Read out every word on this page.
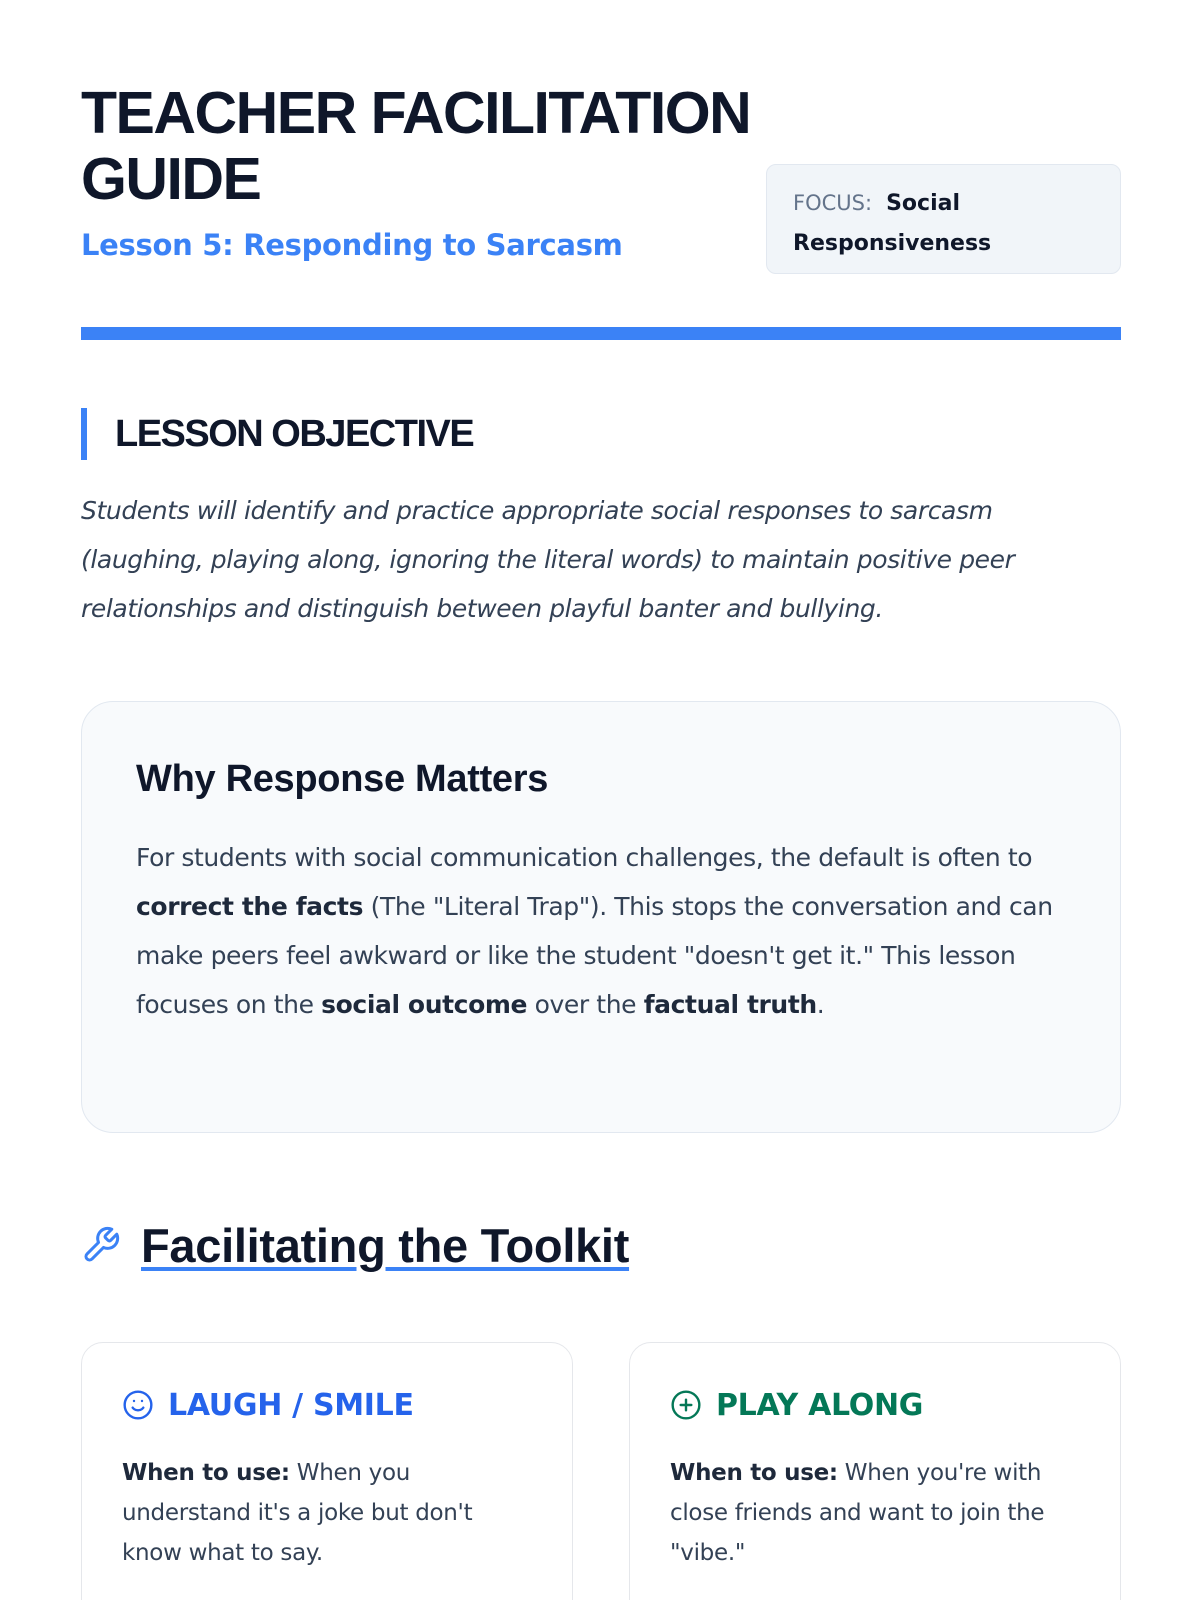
TEACHER FACILITATION GUIDE
Lesson 5: Responding to Sarcasm
FOCUS: Social Responsiveness
LESSON OBJECTIVE

Students will identify and practice appropriate social responses to sarcasm (laughing, playing along, ignoring the literal words) to maintain positive peer relationships and distinguish between playful banter and bullying.

Why Response Matters

For students with social communication challenges, the default is often to correct the facts (The "Literal Trap"). This stops the conversation and can make peers feel awkward or like the student "doesn't get it." This lesson focuses on the social outcome over the factual truth.

Facilitating the Toolkit
LAUGH / SMILE

When to use: When you understand it's a joke but don't know what to say.

PLAY ALONG

When to use: When you're with close friends and want to join the "vibe."
